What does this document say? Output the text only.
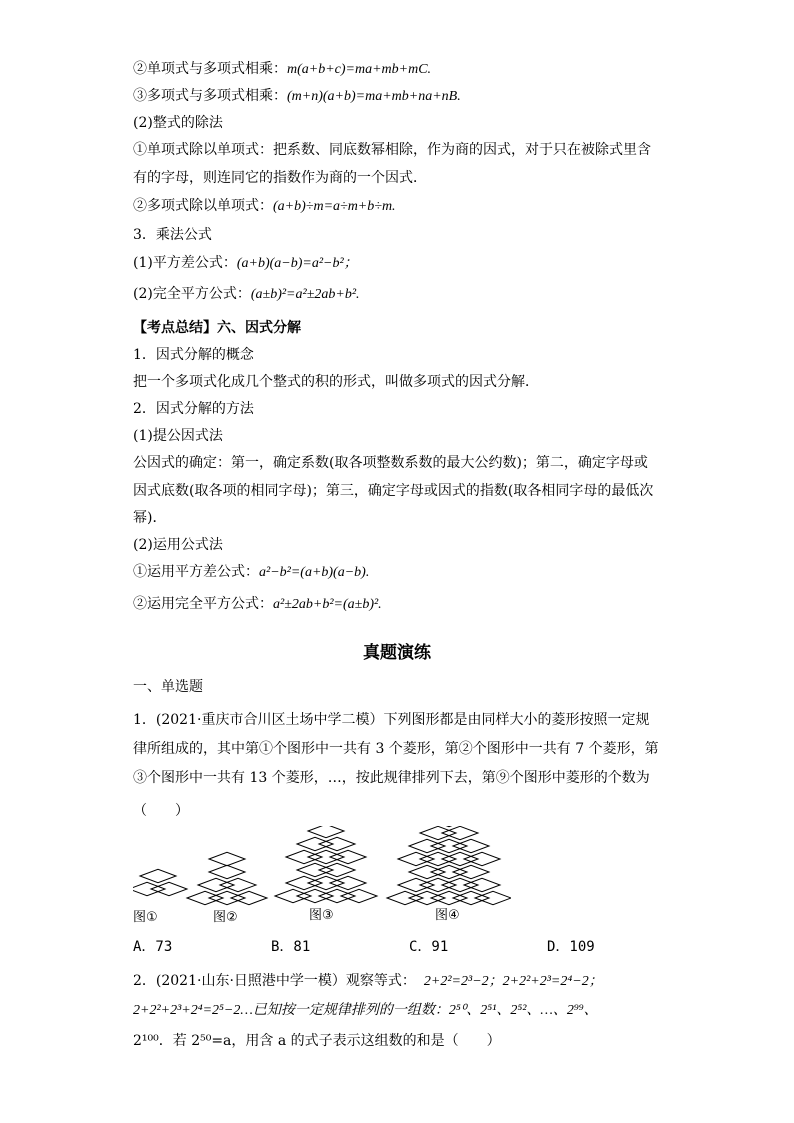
②单项式与多项式相乘：m(a+b+c)=ma+mb+mC.
③多项式与多项式相乘：(m+n)(a+b)=ma+mb+na+nB.
(2)整式的除法
①单项式除以单项式：把系数、同底数幂相除，作为商的因式，对于只在被除式里含
有的字母，则连同它的指数作为商的一个因式．
②多项式除以单项式：(a+b)÷m=a÷m+b÷m.
3．乘法公式
(1)平方差公式：(a+b)(a−b)=a²−b²；
(2)完全平方公式：(a±b)²=a²±2ab+b².
【考点总结】六、因式分解
1．因式分解的概念
把一个多项式化成几个整式的积的形式，叫做多项式的因式分解．
2．因式分解的方法
(1)提公因式法
公因式的确定：第一，确定系数(取各项整数系数的最大公约数)；第二，确定字母或
因式底数(取各项的相同字母)；第三，确定字母或因式的指数(取各相同字母的最低次
幂)．
(2)运用公式法
①运用平方差公式：a²−b²=(a+b)(a−b).
②运用完全平方公式：a²±2ab+b²=(a±b)².
真题演练
一、单选题
1．(2021·重庆市合川区土场中学二模）下列图形都是由同样大小的菱形按照一定规
律所组成的，其中第①个图形中一共有 3 个菱形，第②个图形中一共有 7 个菱形，第
③个图形中一共有 13 个菱形，…，按此规律排列下去，第⑨个图形中菱形的个数为
（　　）
图①	图②	图③	图④
A．73	B．81	C．91	D．109
2．(2021·山东·日照港中学一模）观察等式： 2+2²=2³−2；2+2²+2³=2⁴−2；
2+2²+2³+2⁴=2⁵−2…已知按一定规律排列的一组数：2⁵⁰、2⁵¹、2⁵²、…、2⁹⁹、
2¹⁰⁰．若 2⁵⁰=a，用含 a 的式子表示这组数的和是（　　）
